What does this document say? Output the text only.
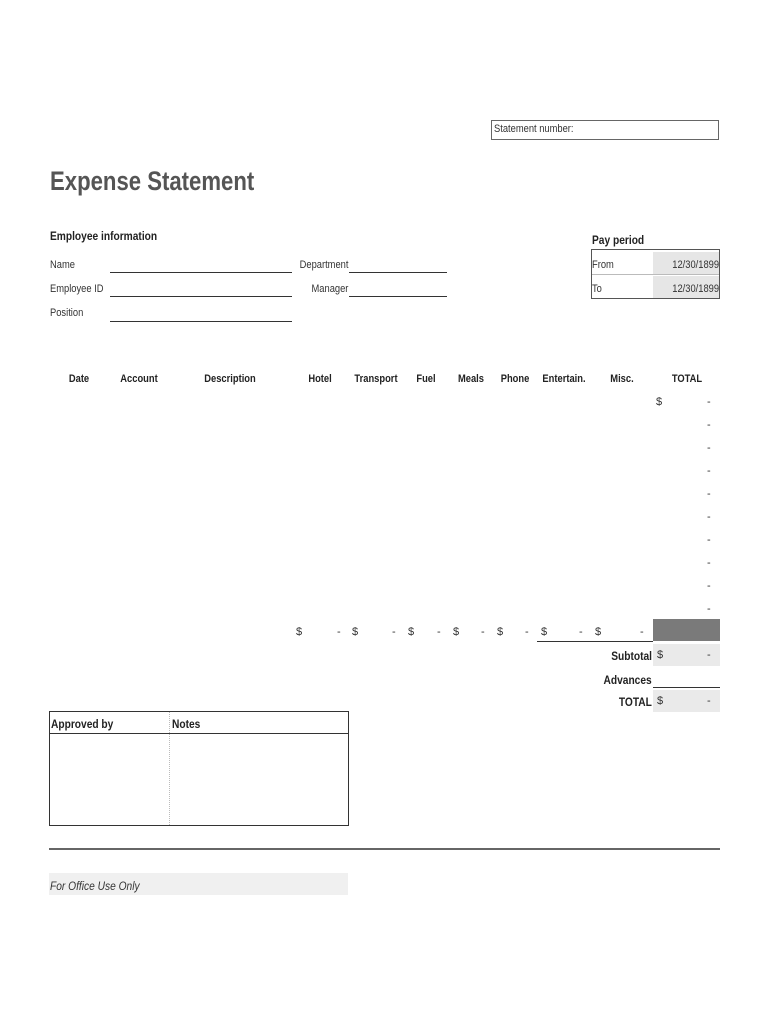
Statement number:
Expense Statement
Employee information
Name
Employee ID
Position
Department
Manager
Pay period
From	12/30/1899
To	12/30/1899
Date	Account	Description	Hotel	Transport	Fuel	Meals	Phone	Entertain.	Misc.	TOTAL
$	-
-
-
-
-
-
-
-
-
-
$	- $	- $ - $ - $ - $	- $	-
Subtotal $	-
Advances
TOTAL $	-
Approved by	Notes
For Office Use Only
